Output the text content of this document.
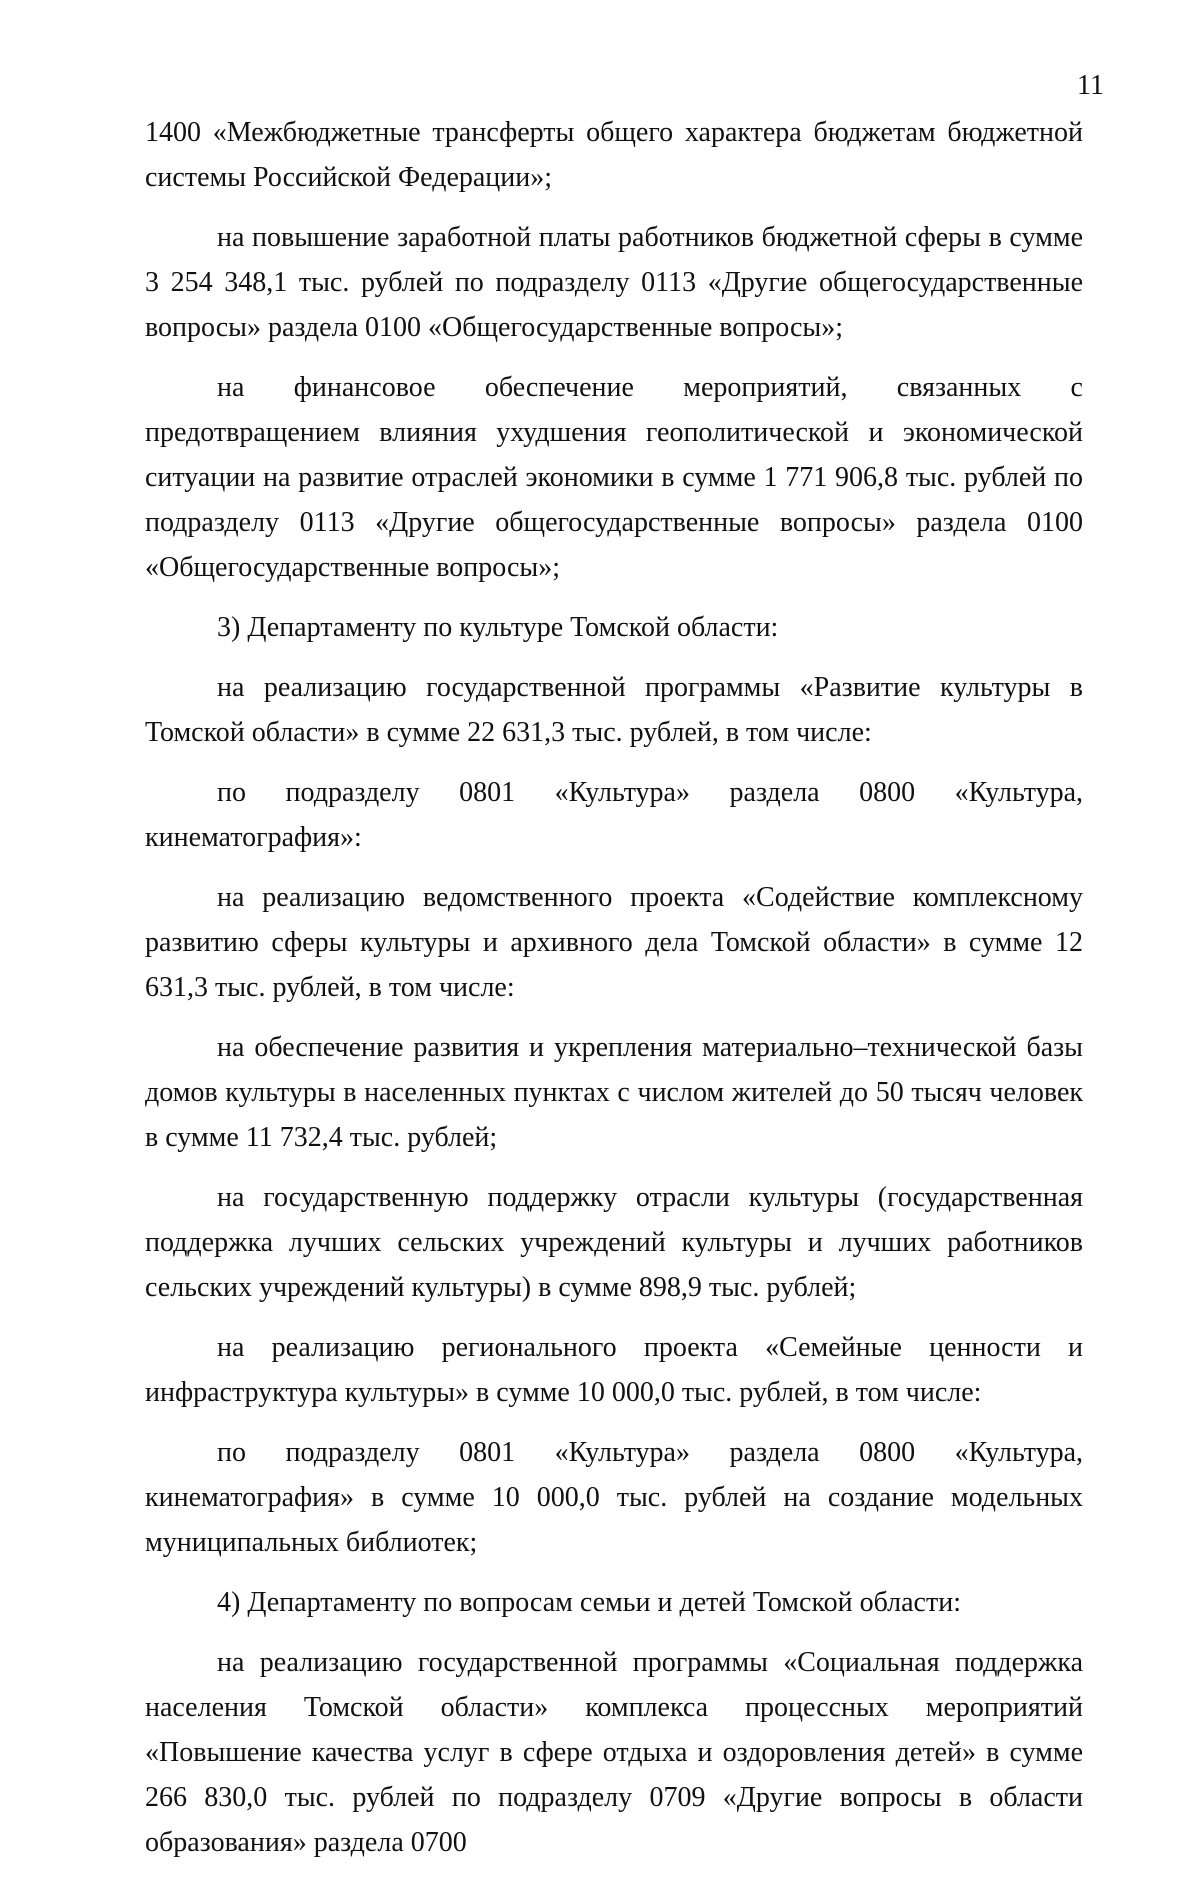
11

1400 «Межбюджетные трансферты общего характера бюджетам бюджетной системы Российской Федерации»;

на повышение заработной платы работников бюджетной сферы в сумме 3 254 348,1 тыс. рублей по подразделу 0113 «Другие общегосударственные вопросы» раздела 0100 «Общегосударственные вопросы»;

на финансовое обеспечение мероприятий, связанных с предотвращением влияния ухудшения геополитической и экономической ситуации на развитие отраслей экономики в сумме 1 771 906,8 тыс. рублей по подразделу 0113 «Другие общегосударственные вопросы» раздела 0100 «Общегосударственные вопросы»;

3) Департаменту по культуре Томской области:

на реализацию государственной программы «Развитие культуры в Томской области» в сумме 22 631,3 тыс. рублей, в том числе:

по подразделу 0801 «Культура» раздела 0800 «Культура, кинематография»:

на реализацию ведомственного проекта «Содействие комплексному развитию сферы культуры и архивного дела Томской области» в сумме 12 631,3 тыс. рублей, в том числе:

на обеспечение развития и укрепления материально–технической базы домов культуры в населенных пунктах с числом жителей до 50 тысяч человек в сумме 11 732,4 тыс. рублей;

на государственную поддержку отрасли культуры (государственная поддержка лучших сельских учреждений культуры и лучших работников сельских учреждений культуры) в сумме 898,9 тыс. рублей;

на реализацию регионального проекта «Семейные ценности и инфраструктура культуры» в сумме 10 000,0 тыс. рублей, в том числе:

по подразделу 0801 «Культура» раздела 0800 «Культура, кинематография» в сумме 10 000,0 тыс. рублей на создание модельных муниципальных библиотек;

4) Департаменту по вопросам семьи и детей Томской области:

на реализацию государственной программы «Социальная поддержка населения Томской области» комплекса процессных мероприятий «Повышение качества услуг в сфере отдыха и оздоровления детей» в сумме 266 830,0 тыс. рублей по подразделу 0709 «Другие вопросы в области образования» раздела 0700
